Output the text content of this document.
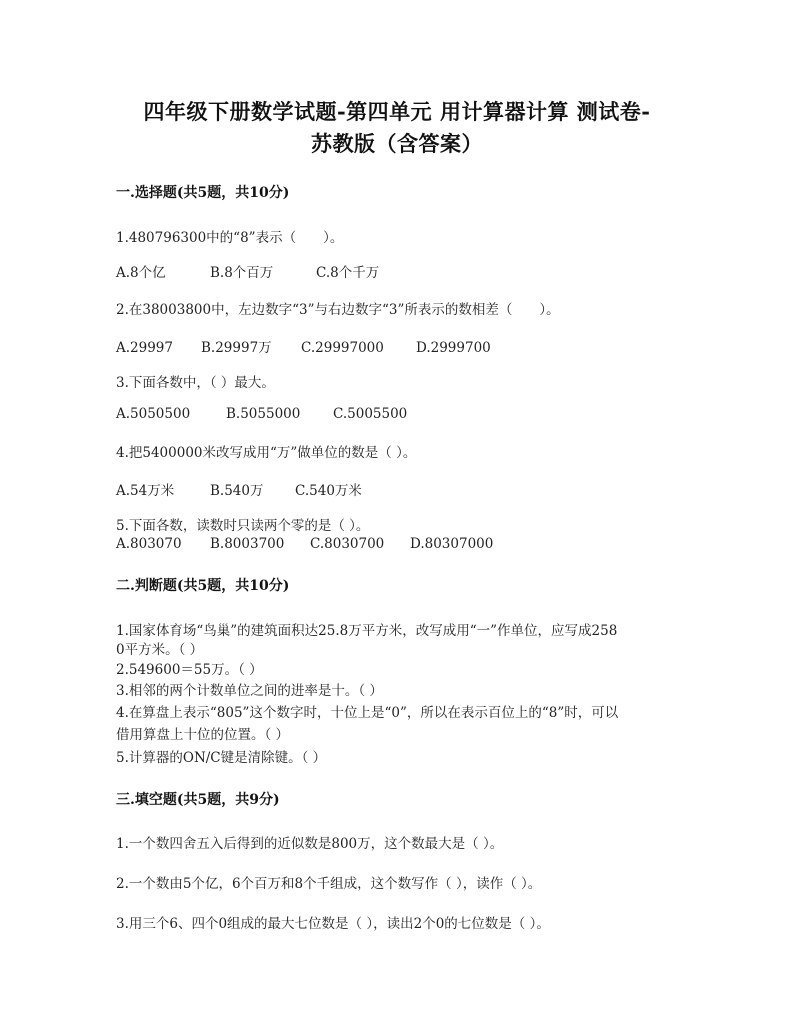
四年级下册数学试题-第四单元 用计算器计算 测试卷-
苏教版（含答案）
一.选择题(共5题，共10分)
1.480796300中的“8”表示（　　）。
A.8个亿	B.8个百万	C.8个千万
2.在38003800中，左边数字“3”与右边数字“3”所表示的数相差（　　）。
A.29997 B.29997万 C.29997000 D.2999700
3.下面各数中，（ ）最大。
A.5050500	B.5055000 C.5005500
4.把5400000米改写成用“万”做单位的数是（ ）。
A.54万米	B.540万 C.540万米
5.下面各数，读数时只读两个零的是（ ）。
A.803070 B.8003700 C.8030700 D.80307000
二.判断题(共5题，共10分)
1.国家体育场“鸟巢”的建筑面积达25.8万平方米，改写成用“一”作单位，应写成258
0平方米。（ ）
2.549600＝55万。（ ）
3.相邻的两个计数单位之间的进率是十。（ ）
4.在算盘上表示“805”这个数字时，十位上是“0”，所以在表示百位上的“8”时，可以
借用算盘上十位的位置。（ ）
5.计算器的ON/C键是清除键。（ ）
三.填空题(共5题，共9分)
1.一个数四舍五入后得到的近似数是800万，这个数最大是（ ）。
2.一个数由5个亿，6个百万和8个千组成，这个数写作（ ），读作（ ）。
3.用三个6、四个0组成的最大七位数是（ ），读出2个0的七位数是（ ）。
